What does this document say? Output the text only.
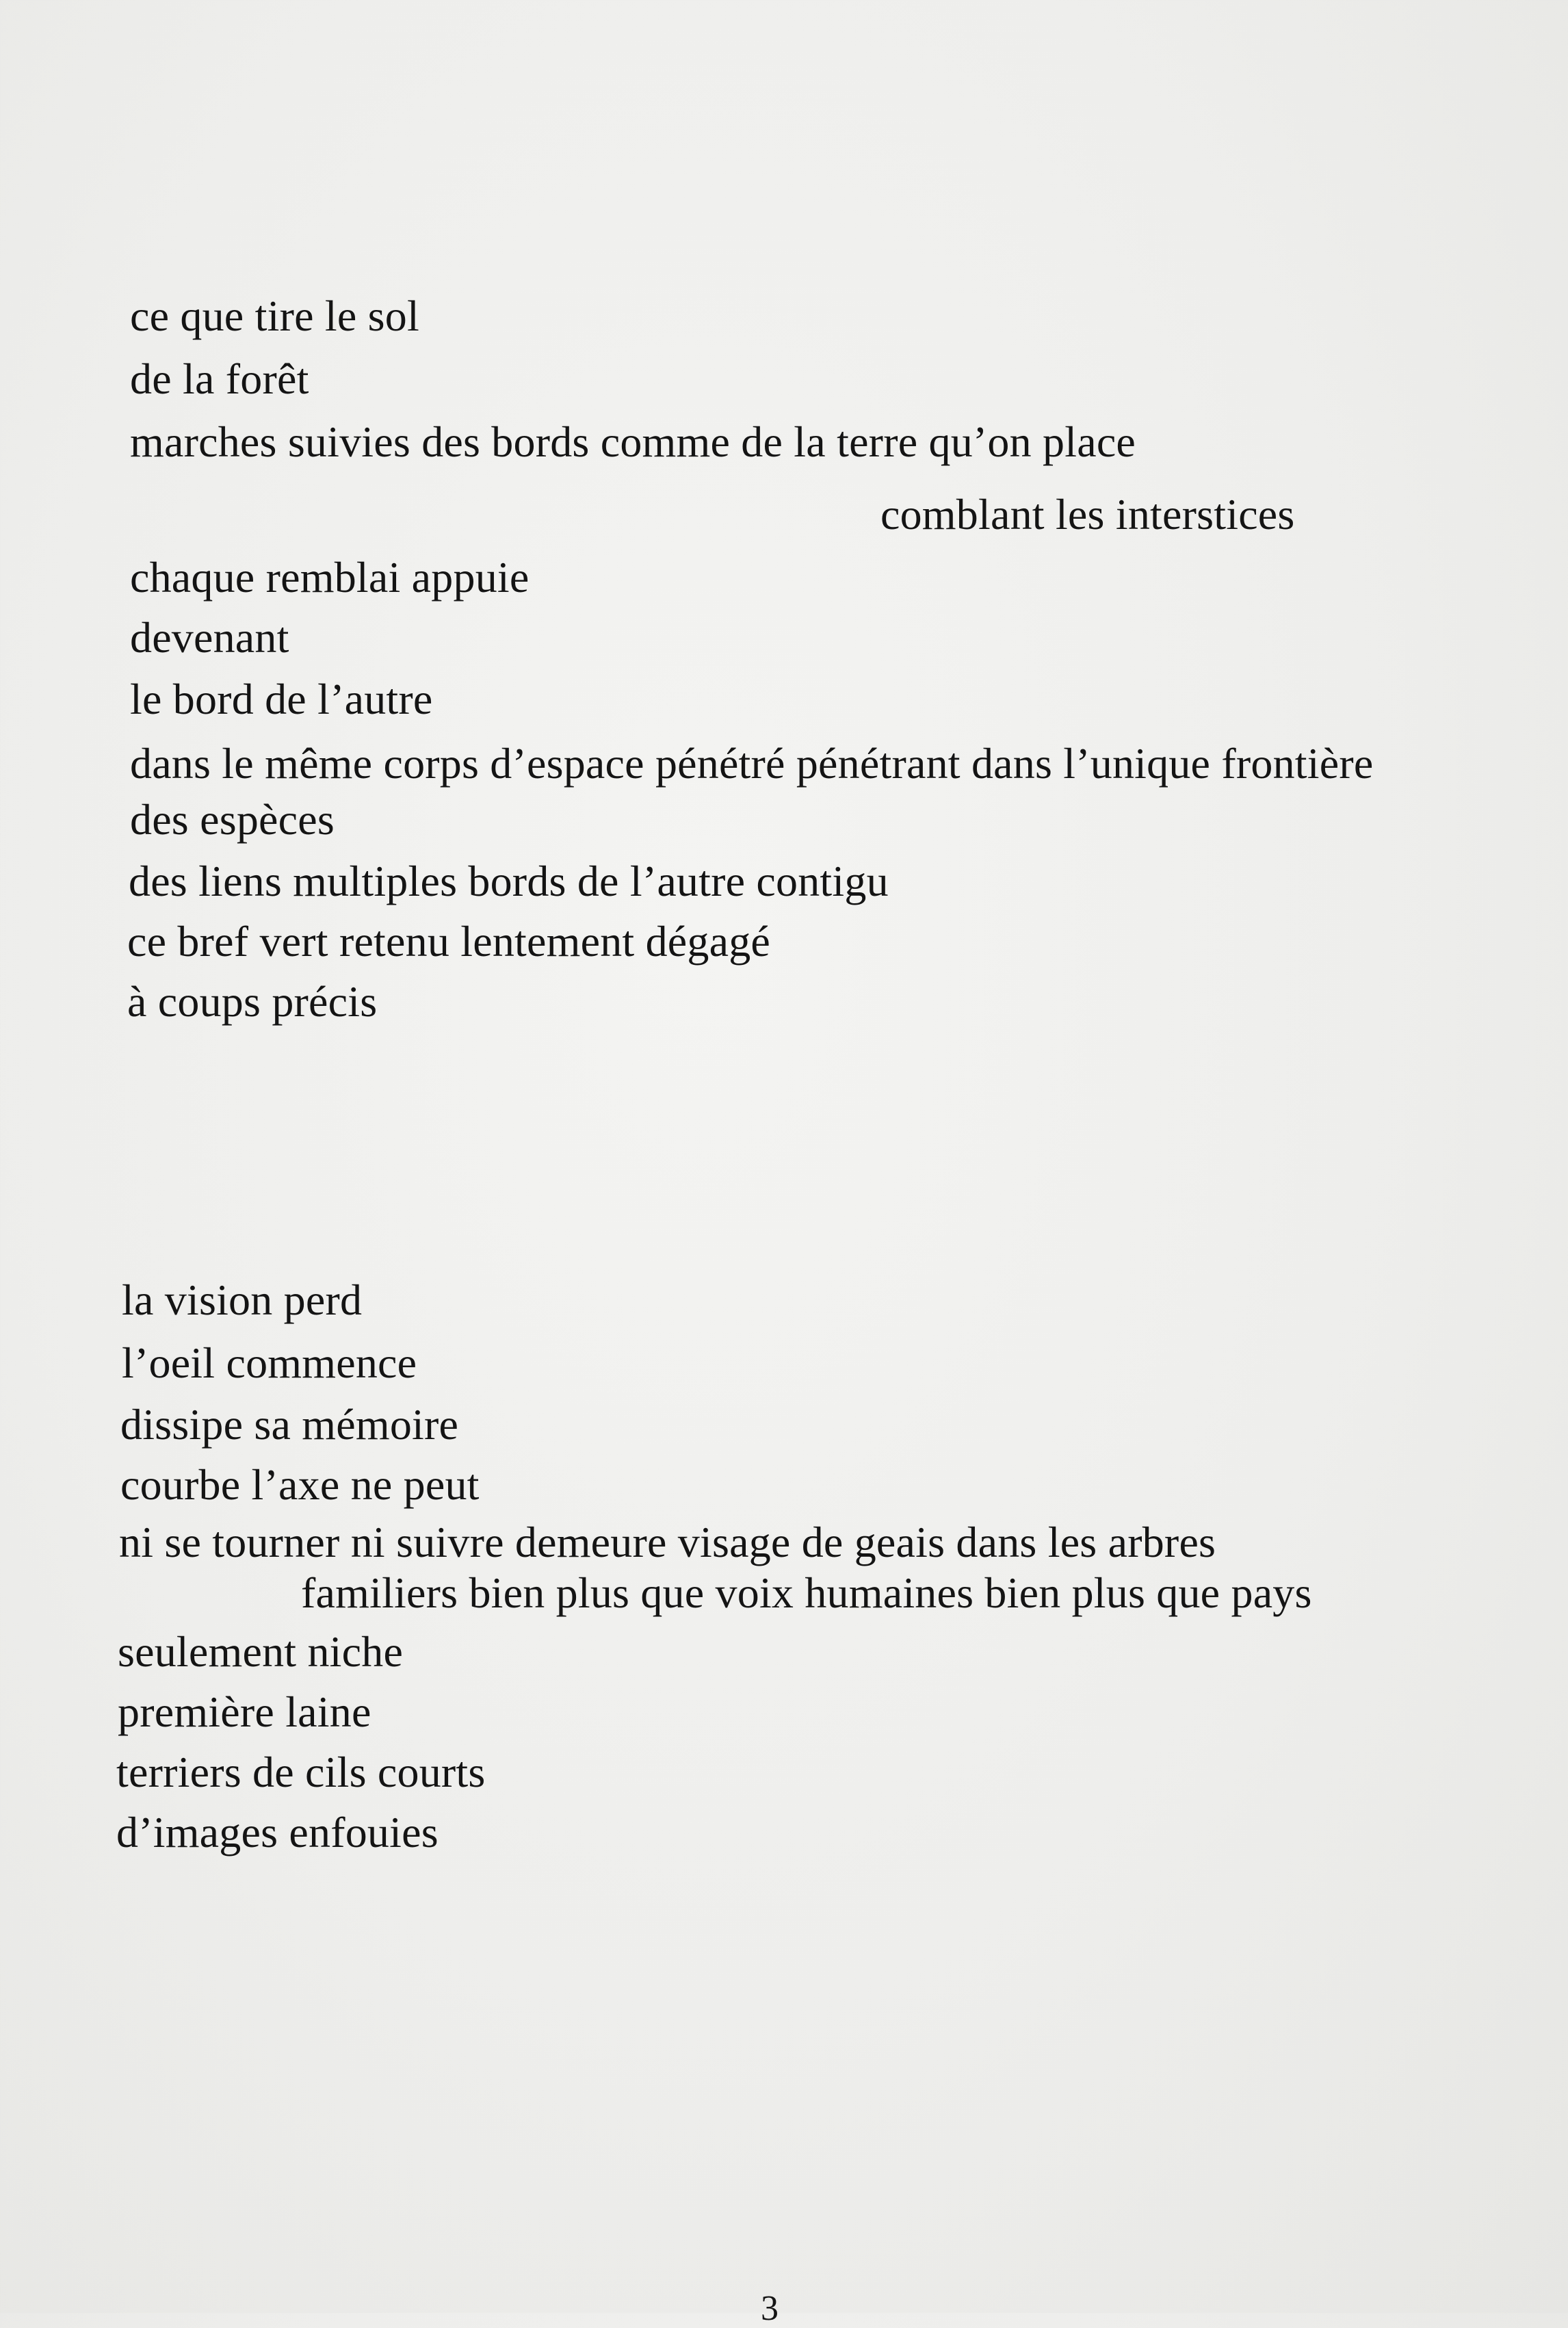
ce que tire le sol
de la forêt
marches suivies des bords comme de la terre qu’on place
comblant les interstices
chaque remblai appuie
devenant
le bord de l’autre
dans le même corps d’espace pénétré pénétrant dans l’unique frontière
des espèces
des liens multiples bords de l’autre contigu
ce bref vert retenu lentement dégagé
à coups précis
la vision perd
l’oeil commence
dissipe sa mémoire
courbe l’axe ne peut
ni se tourner ni suivre demeure visage de geais dans les arbres
familiers bien plus que voix humaines bien plus que pays
seulement niche
première laine
terriers de cils courts
d’images enfouies
3
